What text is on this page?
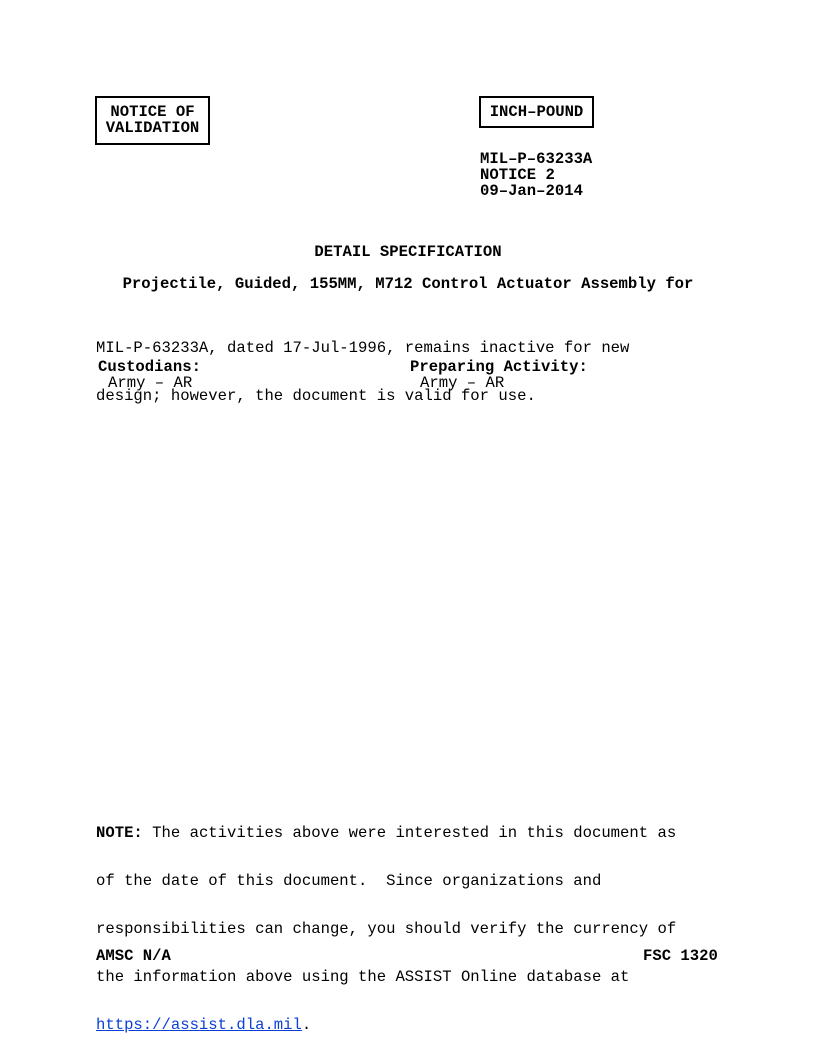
NOTICE OF
VALIDATION
INCH–POUND
MIL–P–63233A
NOTICE 2
09–Jan–2014
DETAIL SPECIFICATION
Projectile, Guided, 155MM, M712 Control Actuator Assembly for

MIL-P-63233A, dated 17-Jul-1996, remains inactive for new

design; however, the document is valid for use.

Custodians:
Army – AR
Preparing Activity:
Army – AR

NOTE: The activities above were interested in this document as

of the date of this document.  Since organizations and

responsibilities can change, you should verify the currency of

the information above using the ASSIST Online database at

https://assist.dla.mil.

AMSC N/A	FSC 1320
